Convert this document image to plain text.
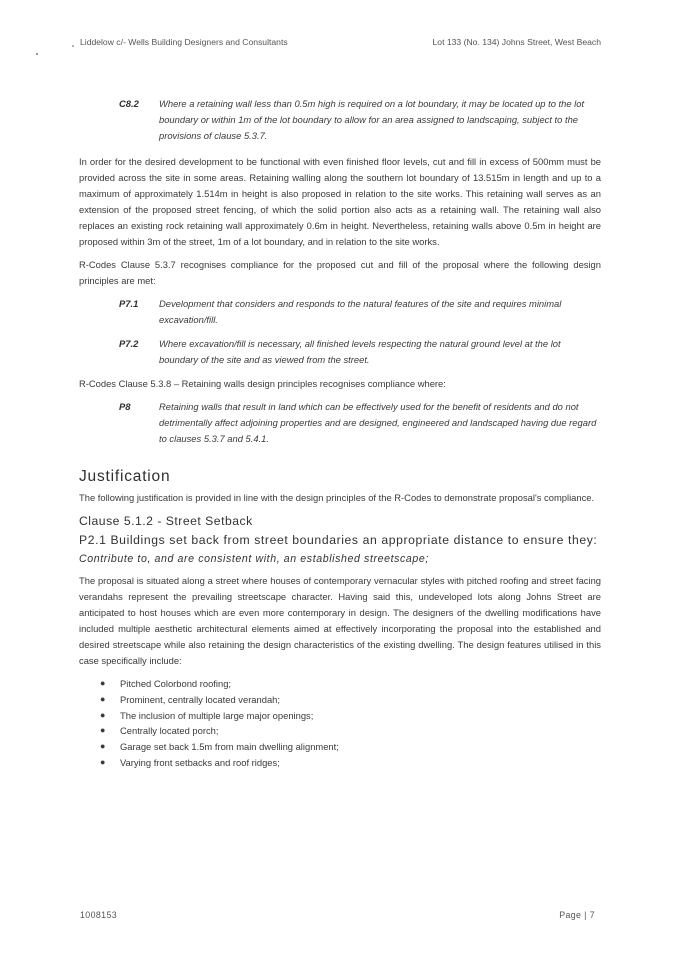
Liddelow c/- Wells Building Designers and Consultants	Lot 133 (No. 134) Johns Street, West Beach
C8.2	Where a retaining wall less than 0.5m high is required on a lot boundary, it may be located up to the lot boundary or within 1m of the lot boundary to allow for an area assigned to landscaping, subject to the provisions of clause 5.3.7.

In order for the desired development to be functional with even finished floor levels, cut and fill in excess of 500mm must be provided across the site in some areas. Retaining walling along the southern lot boundary of 13.515m in length and up to a maximum of approximately 1.514m in height is also proposed in relation to the site works. This retaining wall serves as an extension of the proposed street fencing, of which the solid portion also acts as a retaining wall. The retaining wall also replaces an existing rock retaining wall approximately 0.6m in height. Nevertheless, retaining walls above 0.5m in height are proposed within 3m of the street, 1m of a lot boundary, and in relation to the site works.

R-Codes Clause 5.3.7 recognises compliance for the proposed cut and fill of the proposal where the following design principles are met:

P7.1	Development that considers and responds to the natural features of the site and requires minimal excavation/fill.
P7.2	Where excavation/fill is necessary, all finished levels respecting the natural ground level at the lot boundary of the site and as viewed from the street.

R-Codes Clause 5.3.8 – Retaining walls design principles recognises compliance where:

P8	Retaining walls that result in land which can be effectively used for the benefit of residents and do not detrimentally affect adjoining properties and are designed, engineered and landscaped having due regard to clauses 5.3.7 and 5.4.1.
Justification

The following justification is provided in line with the design principles of the R-Codes to demonstrate proposal's compliance.

Clause 5.1.2 - Street Setback
P2.1 Buildings set back from street boundaries an appropriate distance to ensure they:
Contribute to, and are consistent with, an established streetscape;

The proposal is situated along a street where houses of contemporary vernacular styles with pitched roofing and street facing verandahs represent the prevailing streetscape character. Having said this, undeveloped lots along Johns Street are anticipated to host houses which are even more contemporary in design. The designers of the dwelling modifications have included multiple aesthetic architectural elements aimed at effectively incorporating the proposal into the established and desired streetscape while also retaining the design characteristics of the existing dwelling. The design features utilised in this case specifically include:

●	Pitched Colorbond roofing;
●	Prominent, centrally located verandah;
●	The inclusion of multiple large major openings;
●	Centrally located porch;
●	Garage set back 1.5m from main dwelling alignment;
●	Varying front setbacks and roof ridges;
1008153	Page | 7
